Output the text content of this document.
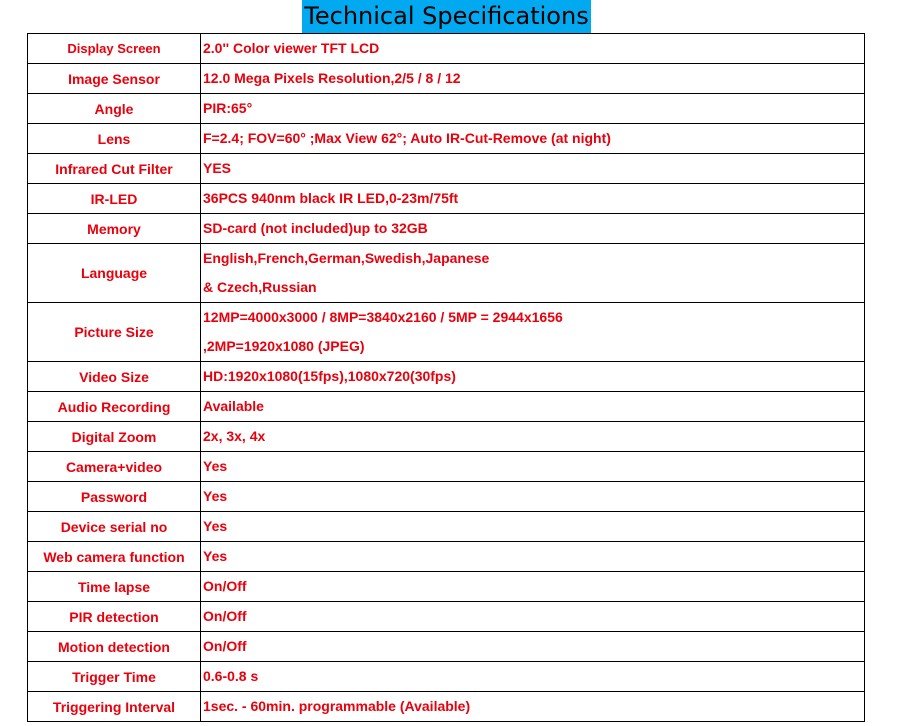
Technical Specifications
Display Screen	2.0'' Color viewer TFT LCD

Image Sensor	12.0 Mega Pixels Resolution,2/5 / 8 / 12

Angle	PIR:65°

Lens	F=2.4; FOV=60° ;Max View 62°; Auto IR-Cut-Remove (at night)

Infrared Cut Filter	YES

IR-LED	36PCS 940nm black IR LED,0-23m/75ft

Memory	SD-card (not included)up to 32GB

Language	English,French,German,Swedish,Japanese
& Czech,Russian

Picture Size	12MP=4000x3000 / 8MP=3840x2160 / 5MP = 2944x1656
,2MP=1920x1080 (JPEG)

Video Size	HD:1920x1080(15fps),1080x720(30fps)

Audio Recording	Available

Digital Zoom	2x, 3x, 4x

Camera+video	Yes

Password	Yes

Device serial no	Yes

Web camera function	Yes

Time lapse	On/Off

PIR detection	On/Off

Motion detection	On/Off

Trigger Time	0.6-0.8 s

Triggering Interval	1sec. - 60min. programmable (Available)
